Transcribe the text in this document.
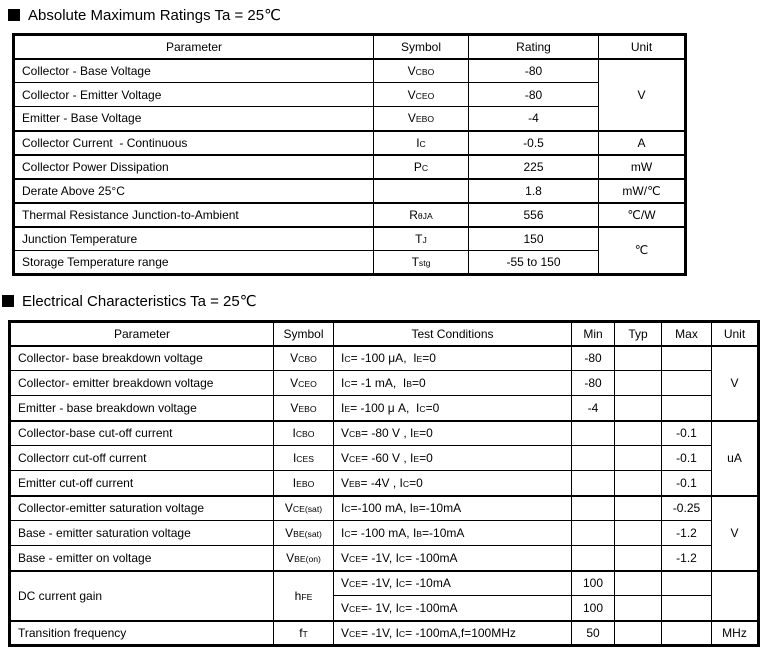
Absolute Maximum Ratings Ta = 25℃
Parameter	Symbol	Rating	Unit
Collector - Base Voltage	VCBO	-80	V
Collector - Emitter Voltage	VCEO	-80	
Emitter - Base Voltage	VEBO	-4	
Collector Current  - Continuous	IC	-0.5	A
Collector Power Dissipation	PC	225	mW
Derate Above 25°C		1.8	mW/℃
Thermal Resistance Junction-to-Ambient	RθJA	556	℃/W
Junction Temperature	TJ	150	℃
Storage Temperature range	Tstg	-55 to 150	
Electrical Characteristics Ta = 25℃
Parameter	Symbol	Test Conditions	Min	Typ	Max	Unit
Collector- base breakdown voltage	VCBO	IC= -100 μA,  IE=0	-80			V
Collector- emitter breakdown voltage	VCEO	IC= -1 mA,  IB=0	-80			
Emitter - base breakdown voltage	VEBO	IE= -100 μ A,  IC=0	-4			
Collector-base cut-off current	ICBO	VCB= -80 V , IE=0			-0.1	uA
Collectorr cut-off current	ICES	VCE= -60 V , IE=0			-0.1	
Emitter cut-off current	IEBO	VEB= -4V , IC=0			-0.1	
Collector-emitter saturation voltage	VCE(sat)	IC=-100 mA, IB=-10mA			-0.25	V
Base - emitter saturation voltage	VBE(sat)	IC= -100 mA, IB=-10mA			-1.2	
Base - emitter on voltage	VBE(on)	VCE= -1V, IC= -100mA			-1.2	
DC current gain	hFE	VCE= -1V, IC= -10mA	100			
		VCE=- 1V, IC= -100mA	100			
Transition frequency	fT	VCE= -1V, IC= -100mA,f=100MHz	50			MHz
